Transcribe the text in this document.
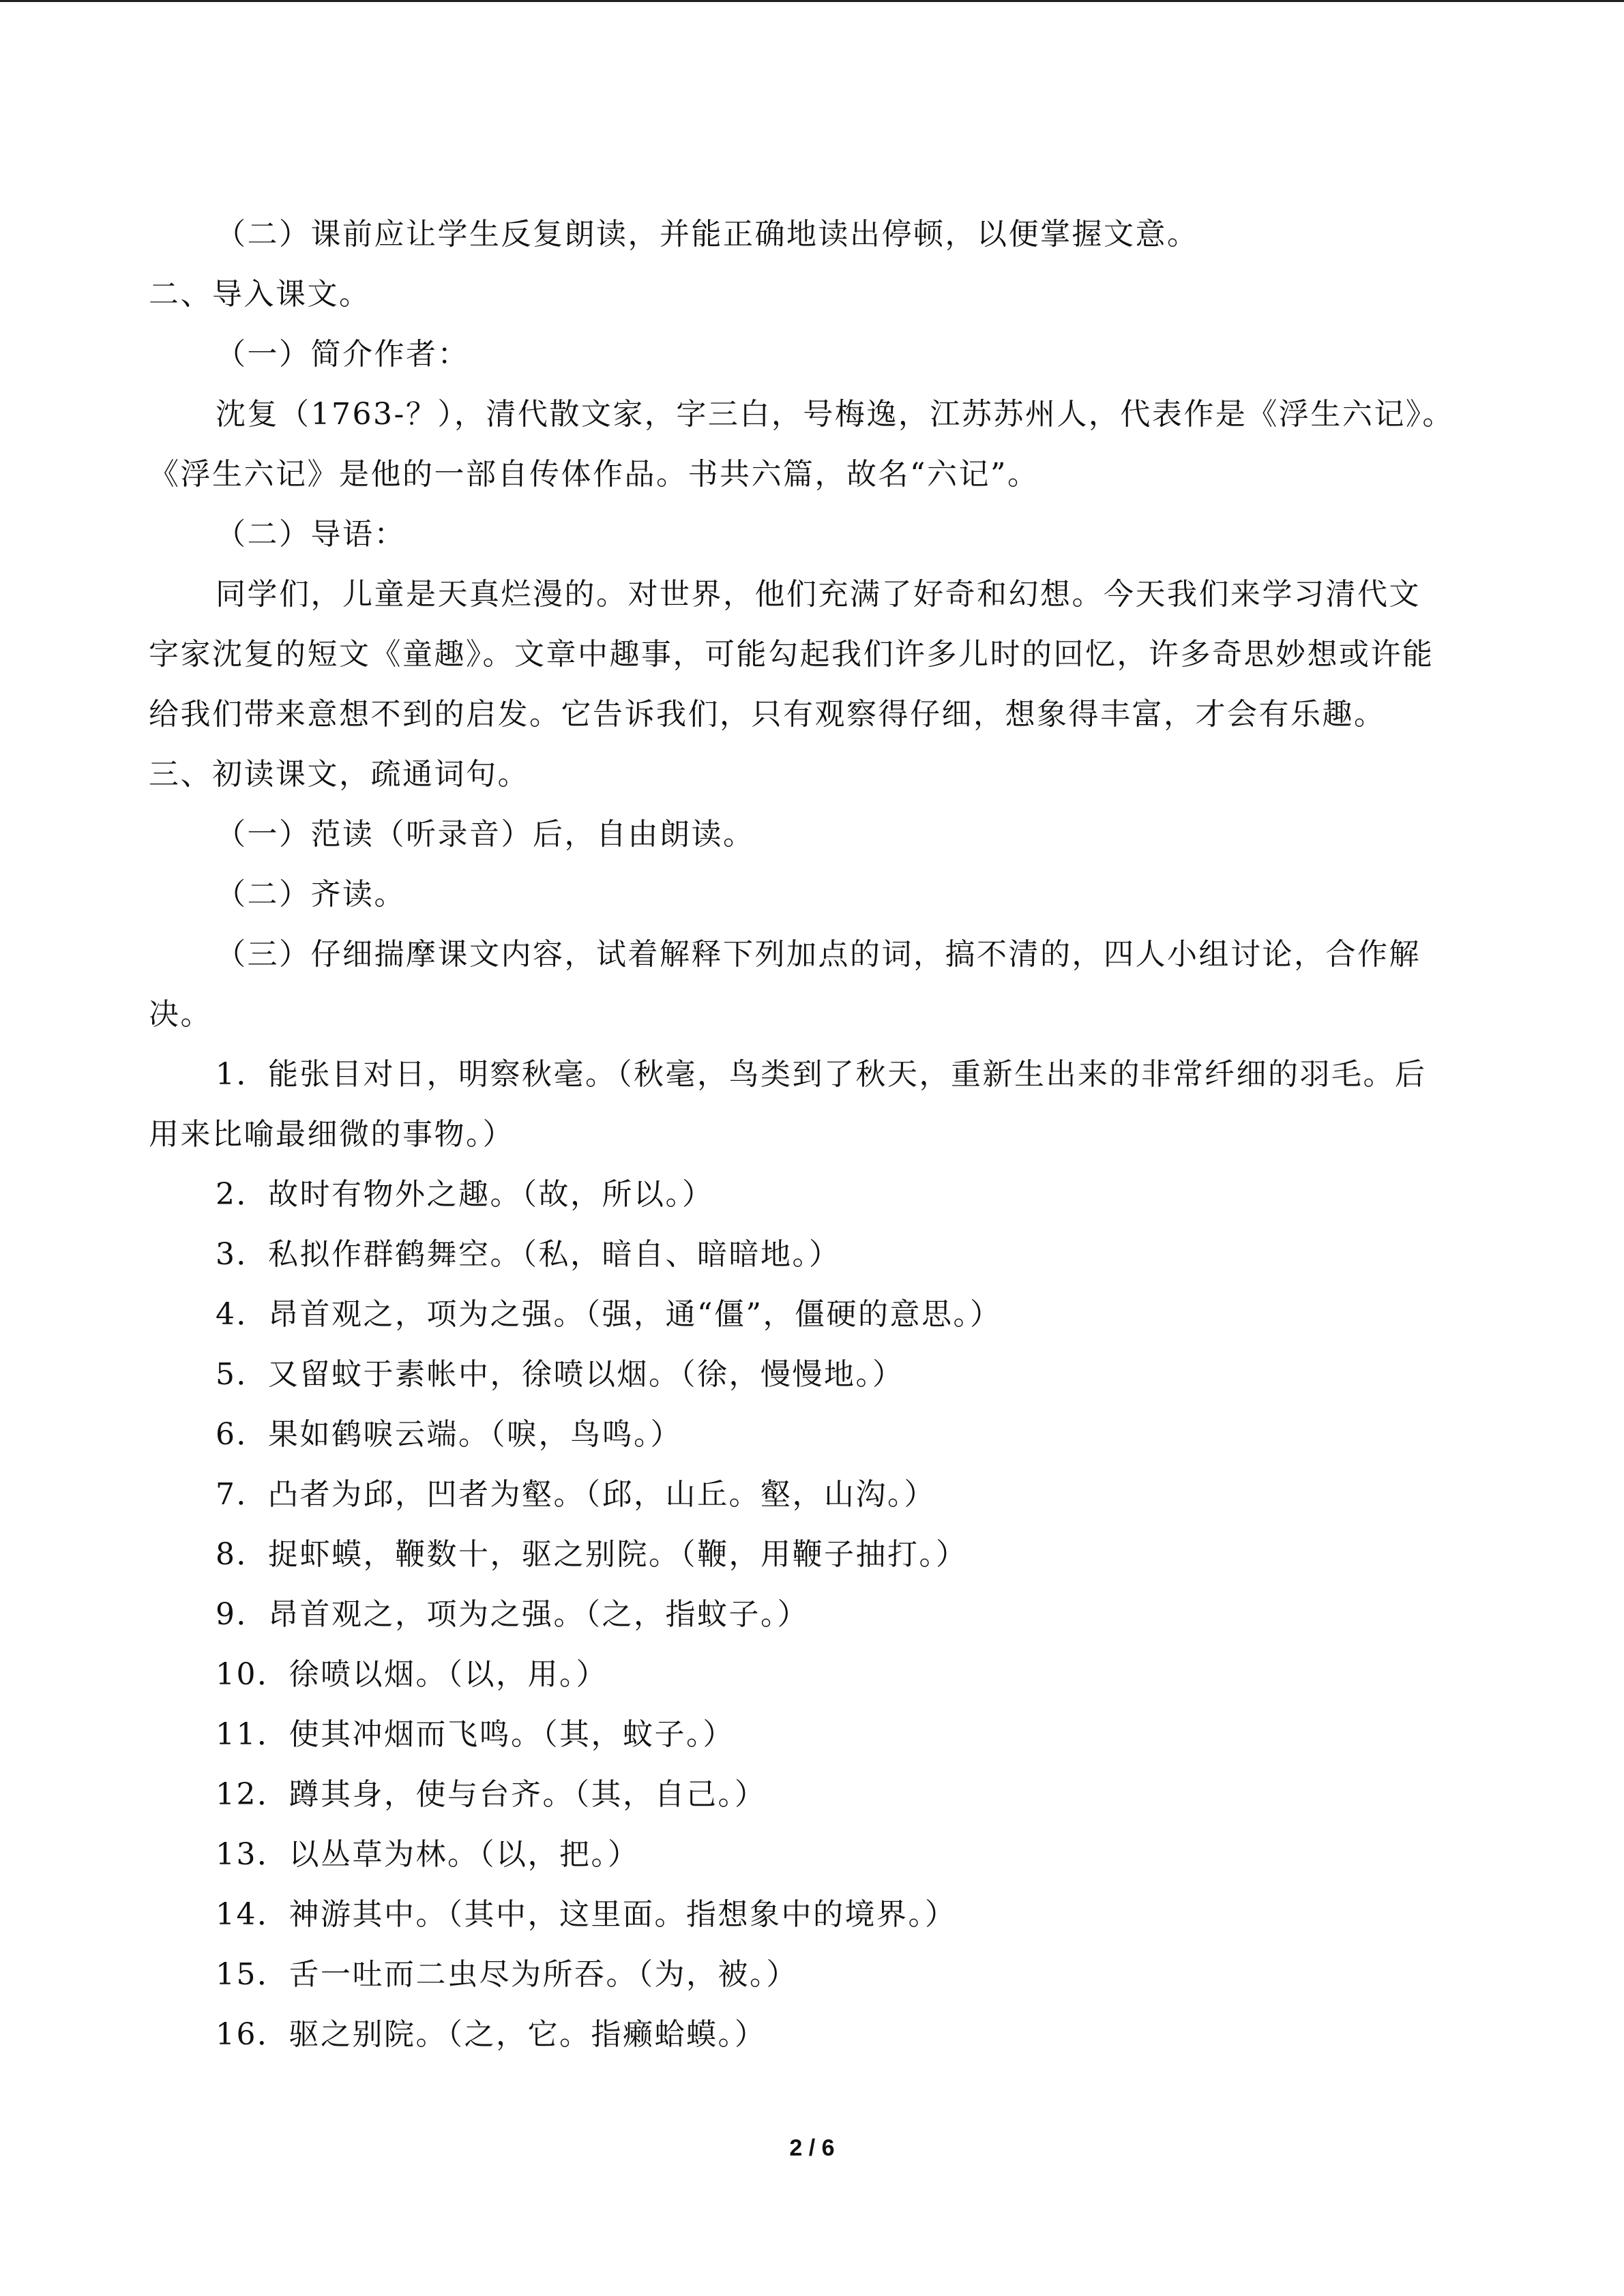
（二）课前应让学生反复朗读，并能正确地读出停顿，以便掌握文意。
二、导入课文。
（一）简介作者：
沈复（1763-？），清代散文家，字三白，号梅逸，江苏苏州人，代表作是《浮生六记》。
《浮生六记》是他的一部自传体作品。书共六篇，故名“六记”。
（二）导语：
同学们，儿童是天真烂漫的。对世界，他们充满了好奇和幻想。今天我们来学习清代文
字家沈复的短文《童趣》。文章中趣事，可能勾起我们许多儿时的回忆，许多奇思妙想或许能
给我们带来意想不到的启发。它告诉我们，只有观察得仔细，想象得丰富，才会有乐趣。
三、初读课文，疏通词句。
（一）范读（听录音）后，自由朗读。
（二）齐读。
（三）仔细揣摩课文内容，试着解释下列加点的词，搞不清的，四人小组讨论，合作解
决。
1．能张目对日，明察秋毫。（秋毫，鸟类到了秋天，重新生出来的非常纤细的羽毛。后
用来比喻最细微的事物。）
2．故时有物外之趣。（故，所以。）
3．私拟作群鹤舞空。（私，暗自、暗暗地。）
4．昂首观之，项为之强。（强，通“僵”，僵硬的意思。）
5．又留蚊于素帐中，徐喷以烟。（徐，慢慢地。）
6．果如鹤唳云端。（唳，鸟鸣。）
7．凸者为邱，凹者为壑。（邱，山丘。壑，山沟。）
8．捉虾蟆，鞭数十，驱之别院。（鞭，用鞭子抽打。）
9．昂首观之，项为之强。（之，指蚊子。）
10．徐喷以烟。（以，用。）
11．使其冲烟而飞鸣。（其，蚊子。）
12．蹲其身，使与台齐。（其，自己。）
13．以丛草为林。（以，把。）
14．神游其中。（其中，这里面。指想象中的境界。）
15．舌一吐而二虫尽为所吞。（为，被。）
16．驱之别院。（之，它。指癞蛤蟆。）
2 / 6
